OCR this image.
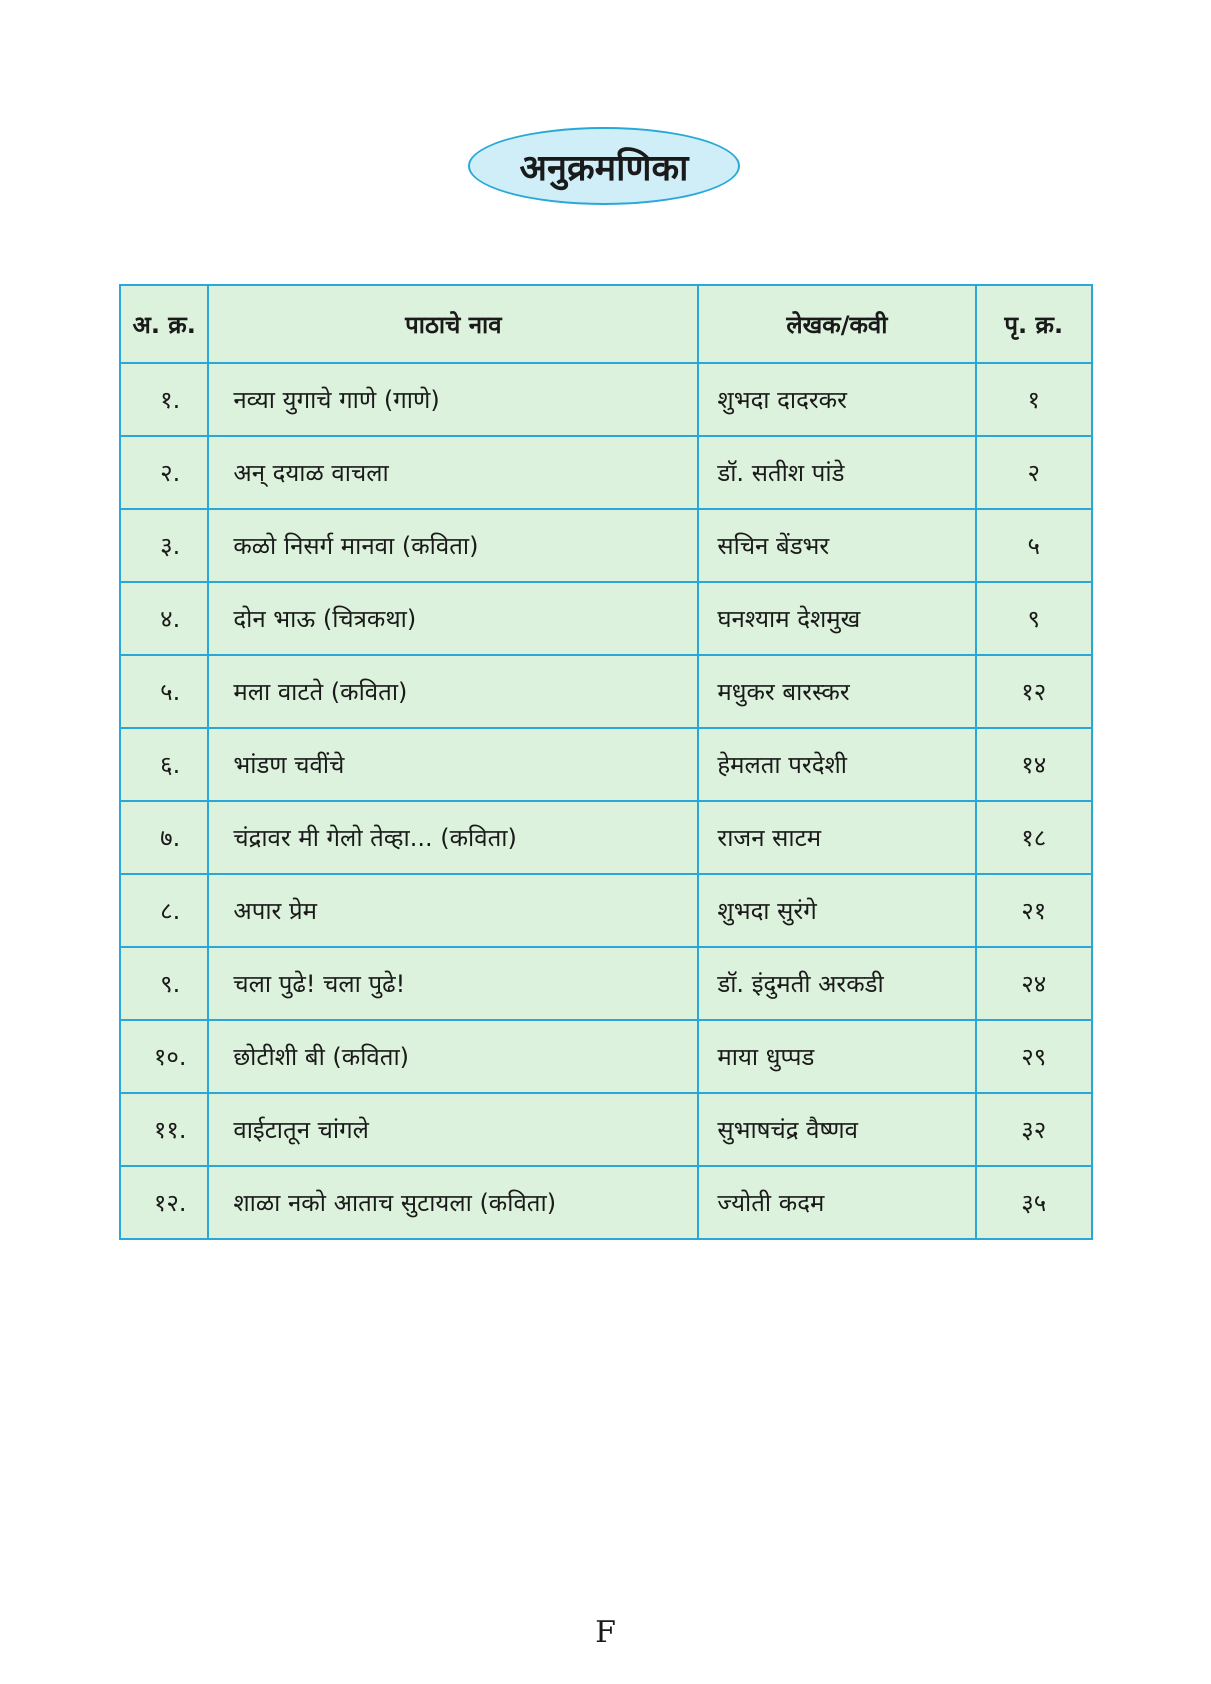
अनुक्रमणिका
अ. क्र.	पाठाचे नाव	लेखक/कवी	पृ. क्र.
१.	नव्या युगाचे गाणे (गाणे)	शुभदा दादरकर	१
२.	अन् दयाळ वाचला	डॉ. सतीश पांडे	२
३.	कळो निसर्ग मानवा (कविता)	सचिन बेंडभर	५
४.	दोन भाऊ (चित्रकथा)	घनश्याम देशमुख	९
५.	मला वाटते (कविता)	मधुकर बारस्कर	१२
६.	भांडण चवींचे	हेमलता परदेशी	१४
७.	चंद्रावर मी गेलो तेव्हा... (कविता)	राजन साटम	१८
८.	अपार प्रेम	शुभदा सुरंगे	२१
९.	चला पुढे! चला पुढे!	डॉ. इंदुमती अरकडी	२४
१०.	छोटीशी बी (कविता)	माया धुप्पड	२९
११.	वाईटातून चांगले	सुभाषचंद्र वैष्णव	३२
१२.	शाळा नको आताच सुटायला (कविता)	ज्योती कदम	३५
F
